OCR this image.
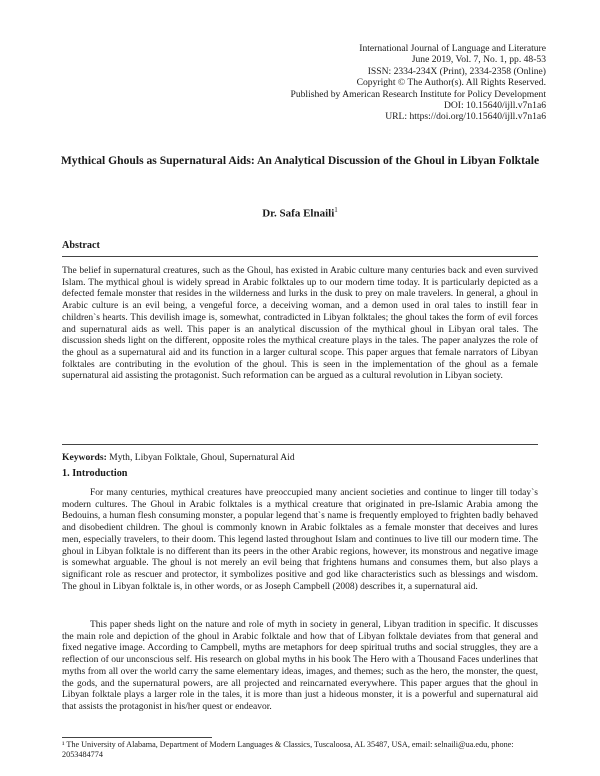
International Journal of Language and Literature
June 2019, Vol. 7, No. 1, pp. 48-53
ISSN: 2334-234X (Print), 2334-2358 (Online)
Copyright © The Author(s). All Rights Reserved.
Published by American Research Institute for Policy Development
DOI: 10.15640/ijll.v7n1a6
URL: https://doi.org/10.15640/ijll.v7n1a6
Mythical Ghouls as Supernatural Aids: An Analytical Discussion of the Ghoul in Libyan Folktale
Dr. Safa Elnaili$^1$
Abstract
The belief in supernatural creatures, such as the Ghoul, has existed in Arabic culture many centuries back and even survived Islam. The mythical ghoul is widely spread in Arabic folktales up to our modern time today. It is particularly depicted as a defected female monster that resides in the wilderness and lurks in the dusk to prey on male travelers. In general, a ghoul in Arabic culture is an evil being, a vengeful force, a deceiving woman, and a demon used in oral tales to instill fear in children`s hearts. This devilish image is, somewhat, contradicted in Libyan folktales; the ghoul takes the form of evil forces and supernatural aids as well. This paper is an analytical discussion of the mythical ghoul in Libyan oral tales. The discussion sheds light on the different, opposite roles the mythical creature plays in the tales. The paper analyzes the role of the ghoul as a supernatural aid and its function in a larger cultural scope. This paper argues that female narrators of Libyan folktales are contributing in the evolution of the ghoul. This is seen in the implementation of the ghoul as a female supernatural aid assisting the protagonist. Such reformation can be argued as a cultural revolution in Libyan society.
Keywords: Myth, Libyan Folktale, Ghoul, Supernatural Aid
1. Introduction
For many centuries, mythical creatures have preoccupied many ancient societies and continue to linger till today`s modern cultures. The Ghoul in Arabic folktales is a mythical creature that originated in pre-Islamic Arabia among the Bedouins, a human flesh consuming monster, a popular legend that`s name is frequently employed to frighten badly behaved and disobedient children. The ghoul is commonly known in Arabic folktales as a female monster that deceives and lures men, especially travelers, to their doom. This legend lasted throughout Islam and continues to live till our modern time. The ghoul in Libyan folktale is no different than its peers in the other Arabic regions, however, its monstrous and negative image is somewhat arguable. The ghoul is not merely an evil being that frightens humans and consumes them, but also plays a significant role as rescuer and protector, it symbolizes positive and god like characteristics such as blessings and wisdom. The ghoul in Libyan folktale is, in other words, or as Joseph Campbell (2008) describes it, a supernatural aid.
This paper sheds light on the nature and role of myth in society in general, Libyan tradition in specific. It discusses the main role and depiction of the ghoul in Arabic folktale and how that of Libyan folktale deviates from that general and fixed negative image. According to Campbell, myths are metaphors for deep spiritual truths and social struggles, they are a reflection of our unconscious self. His research on global myths in his book The Hero with a Thousand Faces underlines that myths from all over the world carry the same elementary ideas, images, and themes; such as the hero, the monster, the quest, the gods, and the supernatural powers, are all projected and reincarnated everywhere. This paper argues that the ghoul in Libyan folktale plays a larger role in the tales, it is more than just a hideous monster, it is a powerful and supernatural aid that assists the protagonist in his/her quest or endeavor.
¹ The University of Alabama, Department of Modern Languages & Classics, Tuscaloosa, AL 35487, USA, email: selnaili@ua.edu, phone: 2053484774
